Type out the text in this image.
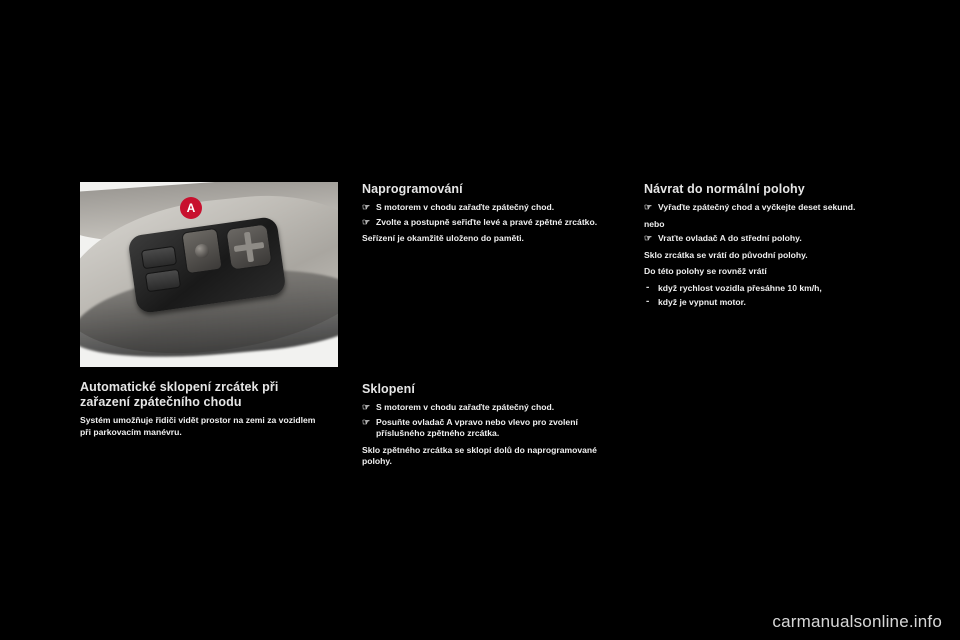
A
Automatické sklopení zrcátek při zařazení zpátečního chodu

Systém umožňuje řidiči vidět prostor na zemi za vozidlem při parkovacím manévru.

Naprogramování
☞ S motorem v chodu zařaďte zpátečný chod.
☞ Zvolte a postupně seřiďte levé a pravé zpětné zrcátko.

Seřízení je okamžitě uloženo do paměti.

Sklopení
☞ S motorem v chodu zařaďte zpátečný chod.
☞ Posuňte ovladač A vpravo nebo vlevo pro zvolení příslušného zpětného zrcátka.

Sklo zpětného zrcátka se sklopí dolů do naprogramované polohy.

Návrat do normální polohy
☞ Vyřaďte zpátečný chod a vyčkejte deset sekund.

nebo

☞ Vraťte ovladač A do střední polohy.

Sklo zrcátka se vrátí do původní polohy.

Do této polohy se rovněž vrátí

- když rychlost vozidla přesáhne 10 km/h,
- když je vypnut motor.
carmanualsonline.info
